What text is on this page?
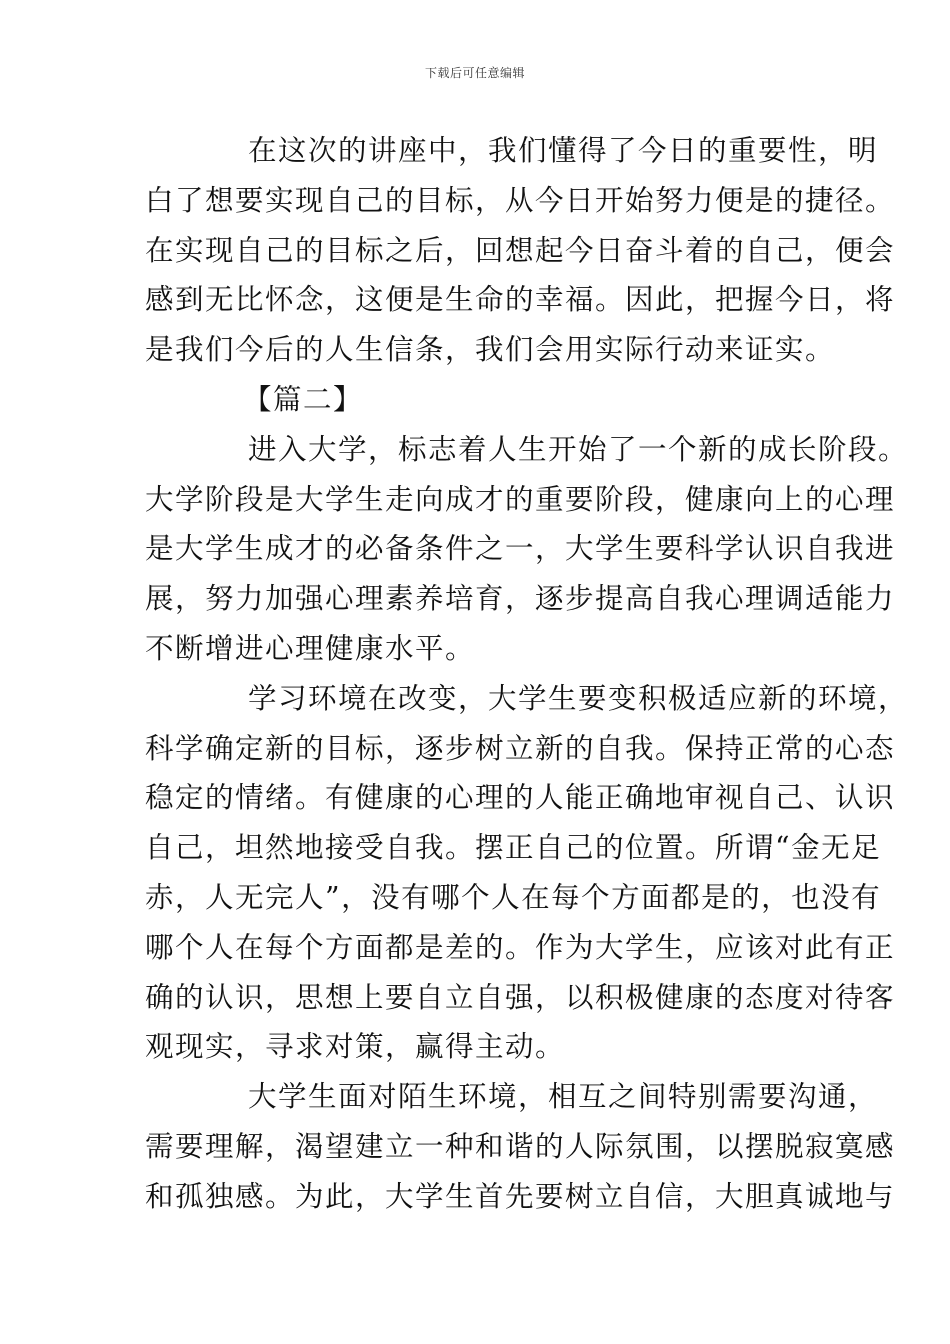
下载后可任意编辑
在这次的讲座中，我们懂得了今日的重要性，明
白了想要实现自己的目标，从今日开始努力便是的捷径。
在实现自己的目标之后，回想起今日奋斗着的自己，便会
感到无比怀念，这便是生命的幸福。因此，把握今日，将
是我们今后的人生信条，我们会用实际行动来证实。
【篇二】
进入大学，标志着人生开始了一个新的成长阶段。
大学阶段是大学生走向成才的重要阶段，健康向上的心理
是大学生成才的必备条件之一，大学生要科学认识自我进
展，努力加强心理素养培育，逐步提高自我心理调适能力
不断增进心理健康水平。
学习环境在改变，大学生要变积极适应新的环境，
科学确定新的目标，逐步树立新的自我。保持正常的心态
稳定的情绪。有健康的心理的人能正确地审视自己、认识
自己，坦然地接受自我。摆正自己的位置。所谓“金无足
赤，人无完人”，没有哪个人在每个方面都是的，也没有
哪个人在每个方面都是差的。作为大学生，应该对此有正
确的认识，思想上要自立自强，以积极健康的态度对待客
观现实，寻求对策，赢得主动。
大学生面对陌生环境，相互之间特别需要沟通，
需要理解，渴望建立一种和谐的人际氛围，以摆脱寂寞感
和孤独感。为此，大学生首先要树立自信，大胆真诚地与
